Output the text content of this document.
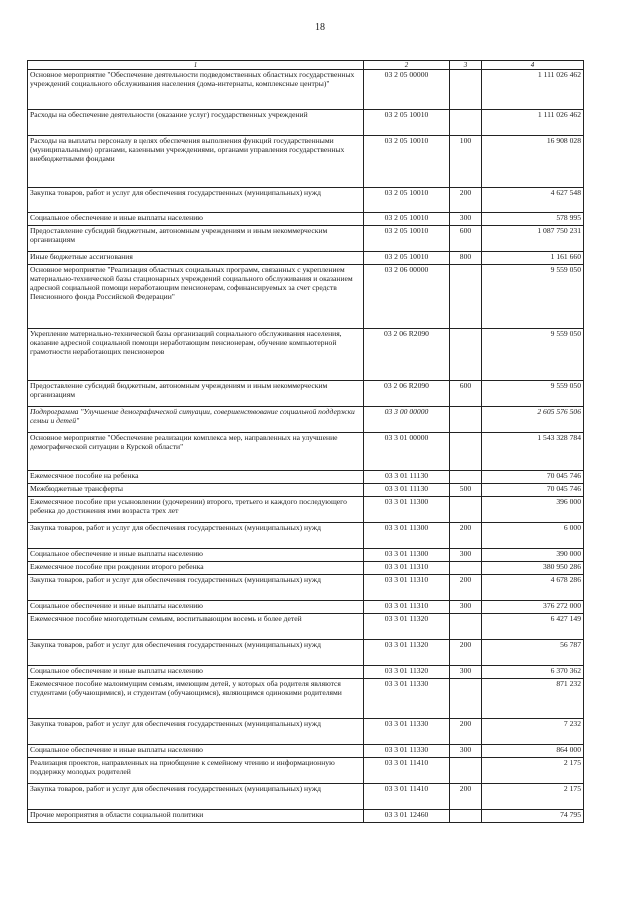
18
1	2	3	4
Основное мероприятие "Обеспечение деятельности подведомственных областных государственных учреждений социального обслуживания населения (дома-интернаты, комплексные центры)"	03 2 05 00000		1 111 026 462
Расходы на обеспечение деятельности (оказание услуг) государственных учреждений	03 2 05 10010		1 111 026 462
Расходы на выплаты персоналу в целях обеспечения выполнения функций государственными (муниципальными) органами, казенными учреждениями, органами управления государственных внебюджетными фондами	03 2 05 10010	100	16 908 028
Закупка товаров, работ и услуг для обеспечения государственных (муниципальных) нужд	03 2 05 10010	200	4 627 548
Социальное обеспечение и иные выплаты населению	03 2 05 10010	300	578 995
Предоставление субсидий бюджетным, автономным учреждениям и иным некоммерческим организациям	03 2 05 10010	600	1 087 750 231
Иные бюджетные ассигнования	03 2 05 10010	800	1 161 660
Основное мероприятие "Реализация областных социальных программ, связанных с укреплением материально-технической базы стационарных учреждений социального обслуживания и оказанием адресной социальной помощи неработающим пенсионерам, софинансируемых за счет средств Пенсионного фонда Российской Федерации"	03 2 06 00000		9 559 050
Укрепление материально-технической базы организаций социального обслуживания населения, оказание адресной социальной помощи неработающим пенсионерам, обучение компьютерной грамотности неработающих пенсионеров	03 2 06 R2090		9 559 050
Предоставление субсидий бюджетным, автономным учреждениям и иным некоммерческим организациям	03 2 06 R2090	600	9 559 050
Подпрограмма "Улучшение демографической ситуации, совершенствование социальной поддержки семьи и детей"	03 3 00 00000		2 605 576 506
Основное мероприятие "Обеспечение реализации комплекса мер, направленных на улучшение демографической ситуации в Курской области"	03 3 01 00000		1 543 328 784
Ежемесячное пособие на ребенка	03 3 01 11130		70 045 746
Межбюджетные трансферты	03 3 01 11130	500	70 045 746
Ежемесячное пособие при усыновлении (удочерении) второго, третьего и каждого последующего ребенка до достижения ими возраста трех лет	03 3 01 11300		396 000
Закупка товаров, работ и услуг для обеспечения государственных (муниципальных) нужд	03 3 01 11300	200	6 000
Социальное обеспечение и иные выплаты населению	03 3 01 11300	300	390 000
Ежемесячное пособие при рождении второго ребенка	03 3 01 11310		380 950 286
Закупка товаров, работ и услуг для обеспечения государственных (муниципальных) нужд	03 3 01 11310	200	4 678 286
Социальное обеспечение и иные выплаты населению	03 3 01 11310	300	376 272 000
Ежемесячное пособие многодетным семьям, воспитывающим восемь и более детей	03 3 01 11320		6 427 149
Закупка товаров, работ и услуг для обеспечения государственных (муниципальных) нужд	03 3 01 11320	200	56 787
Социальное обеспечение и иные выплаты населению	03 3 01 11320	300	6 370 362
Ежемесячное пособие малоимущим семьям, имеющим детей, у которых оба родителя являются студентами (обучающимися), и студентам (обучающимся), являющимся одинокими родителями	03 3 01 11330		871 232
Закупка товаров, работ и услуг для обеспечения государственных (муниципальных) нужд	03 3 01 11330	200	7 232
Социальное обеспечение и иные выплаты населению	03 3 01 11330	300	864 000
Реализация проектов, направленных на приобщение к семейному чтению и информационную поддержку молодых родителей	03 3 01 11410		2 175
Закупка товаров, работ и услуг для обеспечения государственных (муниципальных) нужд	03 3 01 11410	200	2 175
Прочие мероприятия в области социальной политики	03 3 01 12460		74 795
